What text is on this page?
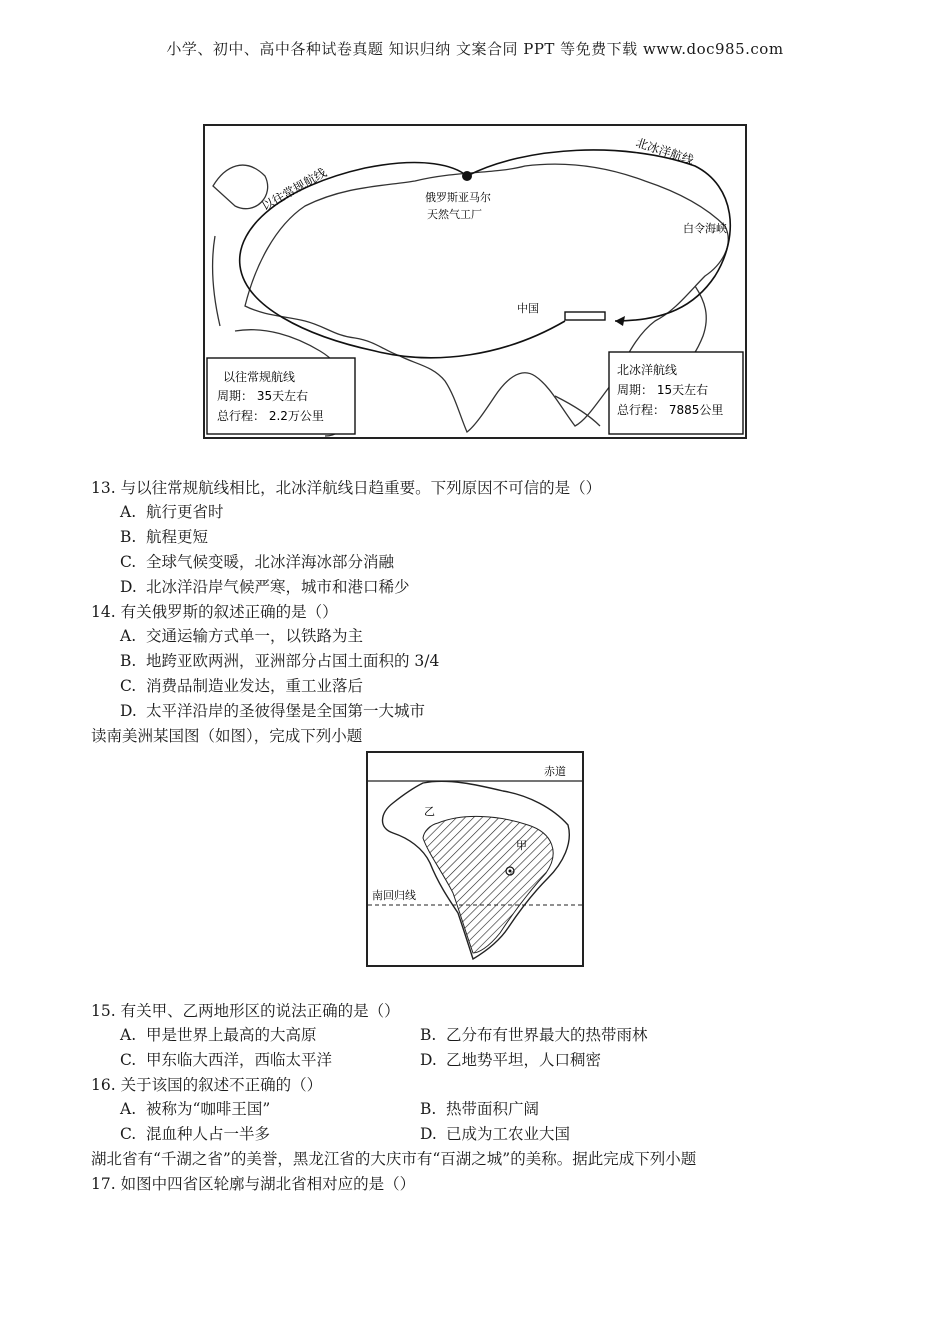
小学、初中、高中各种试卷真题 知识归纳 文案合同 PPT 等免费下载 www.doc985.com
以往常规航线
北冰洋航线
俄罗斯亚马尔
天然气工厂
白令海峡
中国
以往常规航线
周期： 35天左右
总行程： 2.2万公里
北冰洋航线
周期： 15天左右
总行程： 7885公里
13. 与以往常规航线相比，北冰洋航线日趋重要。下列原因不可信的是（）
A. 航行更省时
B. 航程更短
C. 全球气候变暖，北冰洋海冰部分消融
D. 北冰洋沿岸气候严寒，城市和港口稀少
14. 有关俄罗斯的叙述正确的是（）
A. 交通运输方式单一，以铁路为主
B. 地跨亚欧两洲，亚洲部分占国土面积的 3/4
C. 消费品制造业发达，重工业落后
D. 太平洋沿岸的圣彼得堡是全国第一大城市
读南美洲某国图（如图），完成下列小题
赤道
南回归线
甲
乙
15. 有关甲、乙两地形区的说法正确的是（）
A. 甲是世界上最高的大高原	B. 乙分布有世界最大的热带雨林
C. 甲东临大西洋，西临太平洋	D. 乙地势平坦，人口稠密
16. 关于该国的叙述不正确的（）
A. 被称为“咖啡王国”	B. 热带面积广阔
C. 混血种人占一半多	D. 已成为工农业大国
湖北省有“千湖之省”的美誉，黑龙江省的大庆市有“百湖之城”的美称。据此完成下列小题
17. 如图中四省区轮廓与湖北省相对应的是（）
